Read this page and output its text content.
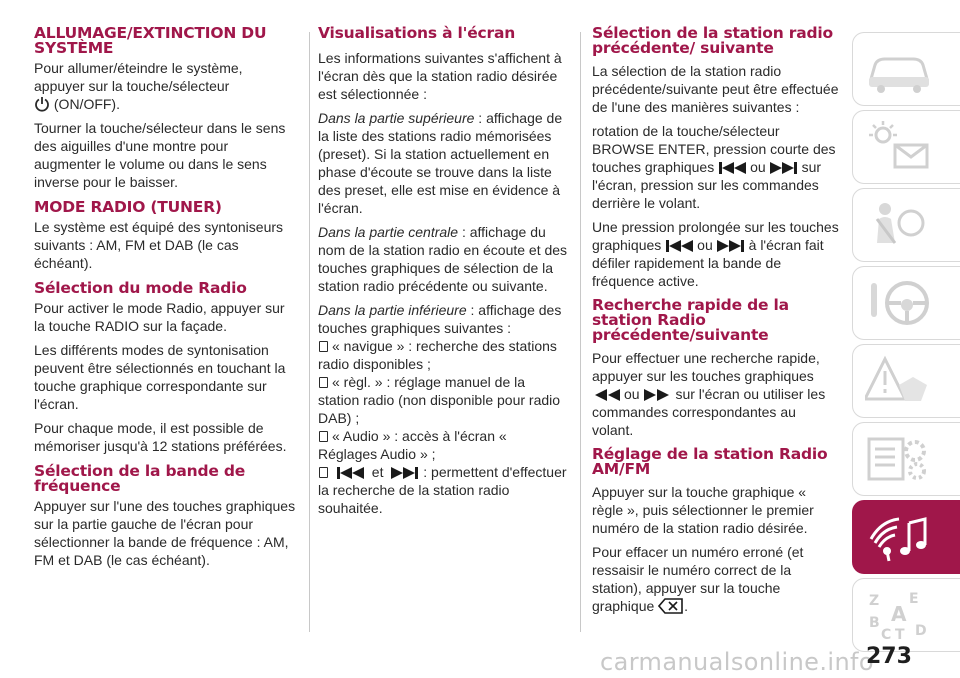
ALLUMAGE/EXTINCTION DU SYSTÈME

Pour allumer/éteindre le système, appuyer sur la touche/sélecteur
(ON/OFF).

Tourner la touche/sélecteur dans le sens des aiguilles d'une montre pour augmenter le volume ou dans le sens inverse pour le baisser.

MODE RADIO (TUNER)

Le système est équipé des syntoniseurs suivants : AM, FM et DAB (le cas échéant).

Sélection du mode Radio

Pour activer le mode Radio, appuyer sur la touche RADIO sur la façade.

Les différents modes de syntonisation peuvent être sélectionnés en touchant la touche graphique correspondante sur l'écran.

Pour chaque mode, il est possible de mémoriser jusqu'à 12 stations préférées.

Sélection de la bande de fréquence

Appuyer sur l'une des touches graphiques sur la partie gauche de l'écran pour sélectionner la bande de fréquence : AM, FM et DAB (le cas échéant).

Visualisations à l'écran

Les informations suivantes s'affichent à l'écran dès que la station radio désirée est sélectionnée :

Dans la partie supérieure : affichage de la liste des stations radio mémorisées (preset). Si la station actuellement en phase d'écoute se trouve dans la liste des preset, elle est mise en évidence à l'écran.

Dans la partie centrale : affichage du nom de la station radio en écoute et des touches graphiques de sélection de la station radio précédente ou suivante.

Dans la partie inférieure : affichage des touches graphiques suivantes :

« navigue » : recherche des stations radio disponibles ;

« règl. » : réglage manuel de la station radio (non disponible pour radio DAB) ;

« Audio » : accès à l'écran « Réglages Audio » ;

et	: permettent d'effectuer la recherche de la station radio souhaitée.

Sélection de la station radio précédente/ suivante

La sélection de la station radio précédente/suivante peut être effectuée de l'une des manières suivantes :

rotation de la touche/sélecteur BROWSE ENTER, pression courte des touches graphiques	ou	sur l'écran, pression sur les commandes derrière le volant.

Une pression prolongée sur les touches graphiques	ou	à l'écran fait défiler rapidement la bande de fréquence active.

Recherche rapide de la station Radio précédente/suivante

Pour effectuer une recherche rapide, appuyer sur les touches graphiques
ou	sur l'écran ou utiliser les commandes correspondantes au volant.

Réglage de la station Radio AM/FM

Appuyer sur la touche graphique « règle », puis sélectionner le premier numéro de la station radio désirée.

Pour effacer un numéro erroné (et ressaisir le numéro correct de la station), appuyer sur la touche graphique .	Z E
A
B
C T D
carmanualsonline.info
273
